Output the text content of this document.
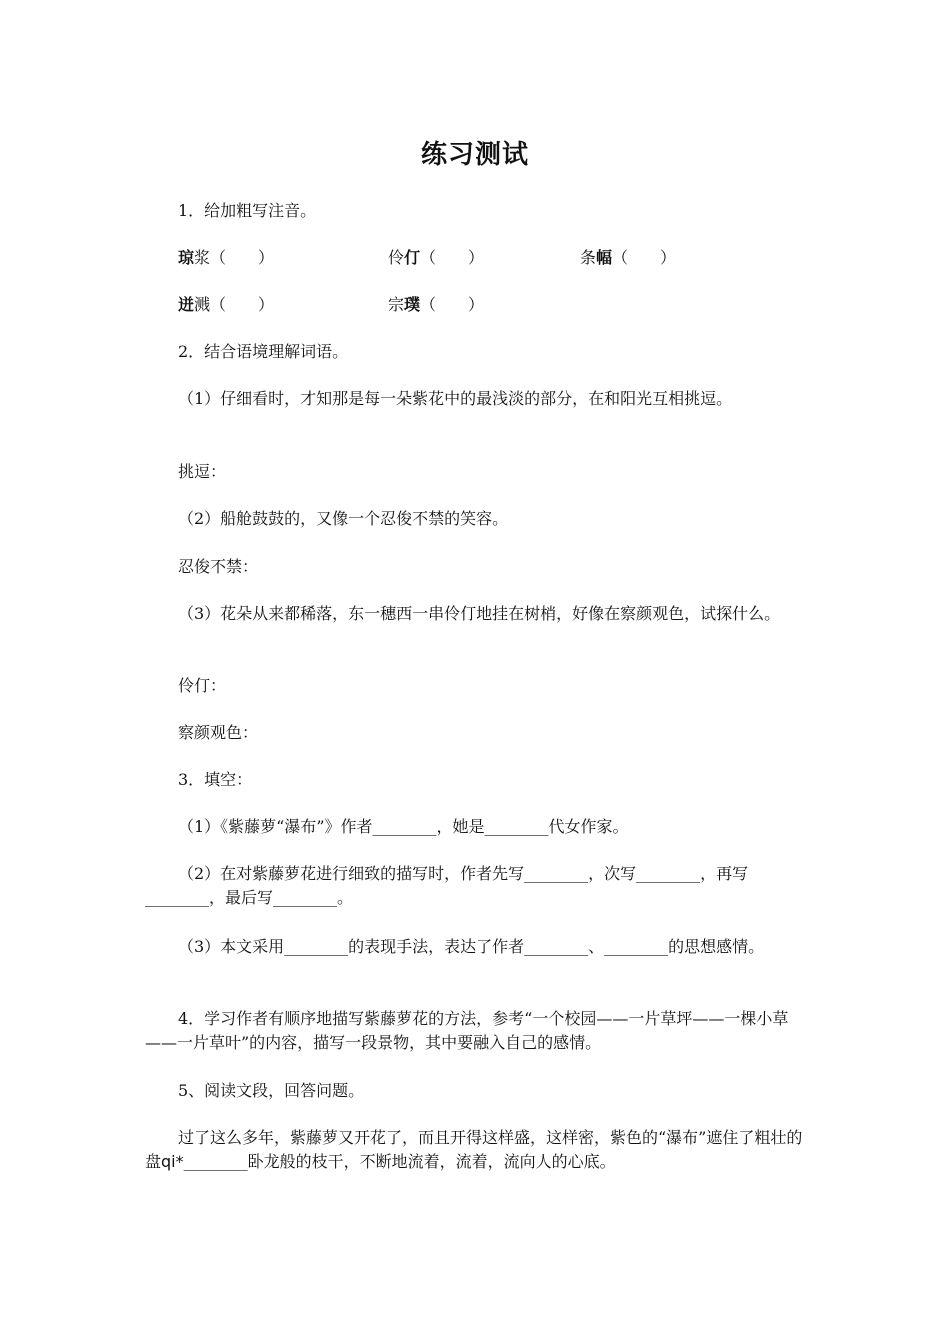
练习测试
1．给加粗写注音。
琼浆（　　）	伶仃（　　）	条幅（　　）
迸溅（　　）	宗璞（　　）
2．结合语境理解词语。
（1）仔细看时，才知那是每一朵紫花中的最浅淡的部分，在和阳光互相挑逗。
挑逗：
（2）船舱鼓鼓的，又像一个忍俊不禁的笑容。
忍俊不禁：
（3）花朵从来都稀落，东一穗西一串伶仃地挂在树梢，好像在察颜观色，试探什么。
伶仃：
察颜观色：
3．填空：
（1）《紫藤萝“瀑布”》作者________，她是________代女作家。
（2）在对紫藤萝花进行细致的描写时，作者先写________，次写________，再写________，最后写________。
（3）本文采用________的表现手法，表达了作者________、________的思想感情。
4．学习作者有顺序地描写紫藤萝花的方法，参考“一个校园——一片草坪——一棵小草——一片草叶”的内容，描写一段景物，其中要融入自己的感情。
5、阅读文段，回答问题。
过了这么多年，紫藤萝又开花了，而且开得这样盛，这样密，紫色的“瀑布”遮住了粗壮的盘qi*________卧龙般的枝干，不断地流着，流着，流向人的心底。
